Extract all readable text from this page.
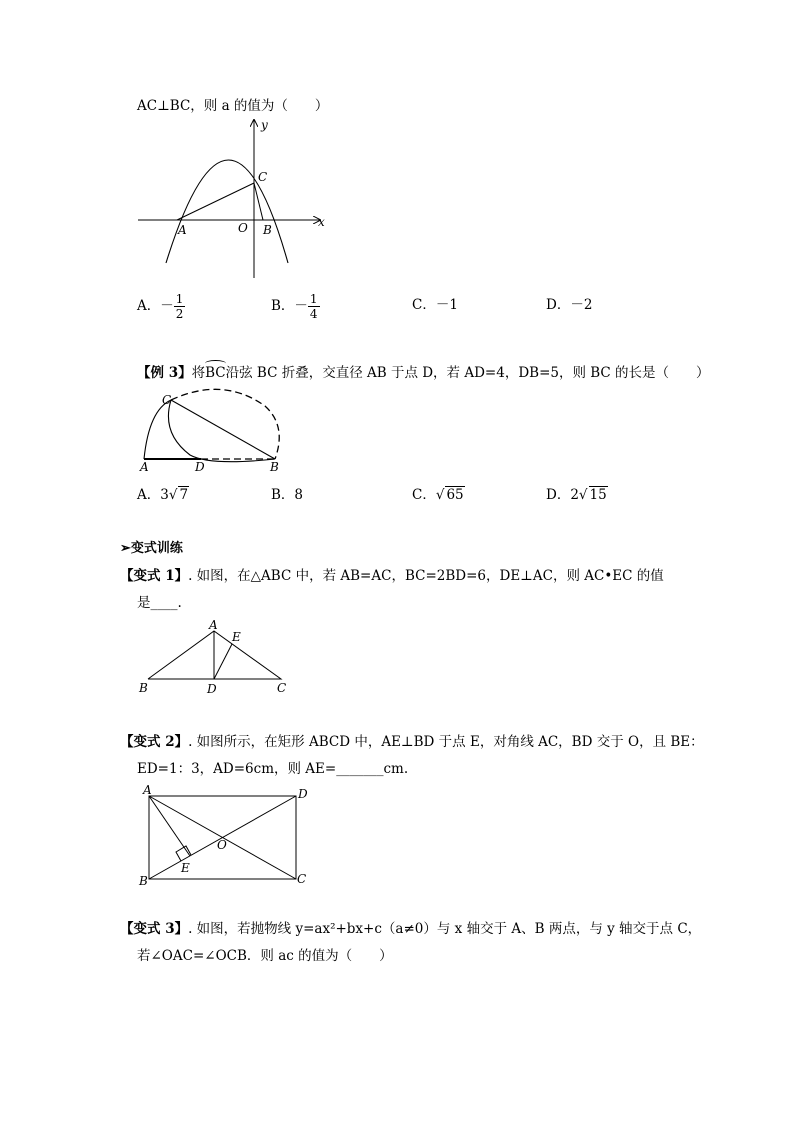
AC⊥BC，则 a 的值为（　　）
y
x
C
A	O B
A．－ $\frac{1}{2}$	B．－ $\frac{1}{4}$	C．－1	D．－2
【例 3】将
BC沿弦 BC 折叠，交直径 AB 于点 D，若 AD=4，DB=5，则 BC 的长是（　　）
C
A	D	B
A．3√ 7	B．8	C．√ 65	D．2√ 15
➢变式训练
【变式 1】. 如图，在△ABC 中，若 AB=AC，BC=2BD=6，DE⊥AC，则 AC•EC 的值
是____.
A
E
B	D	C
【变式 2】. 如图所示，在矩形 ABCD 中，AE⊥BD 于点 E，对角线 AC，BD 交于 O，且 BE：
ED=1：3，AD=6cm，则 AE=_______cm.
A	D
O
E
B	C
【变式 3】. 如图，若抛物线 y=ax²+bx+c（a≠0）与 x 轴交于 A、B 两点，与 y 轴交于点 C，
若∠OAC=∠OCB．则 ac 的值为（　　）
